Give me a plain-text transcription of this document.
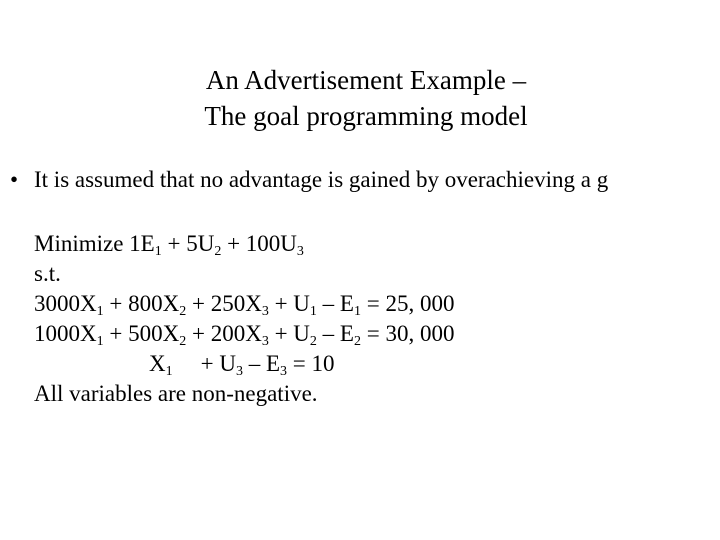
An Advertisement Example –
The goal programming model
• It is assumed that no advantage is gained by overachieving a g
Minimize $1E_1 + 5U_2 + 100U_3$
s.t.
$3000X_1 + 800X_2 + 250X_3 + U_1 - E_1 = 25$, 000
$1000X_1 + 500X_2 + 200X_3 + U_2 - E_2 = 30$, 000
$X_1 + U_3 - E_3 = 10$
All variables are non-negative.
